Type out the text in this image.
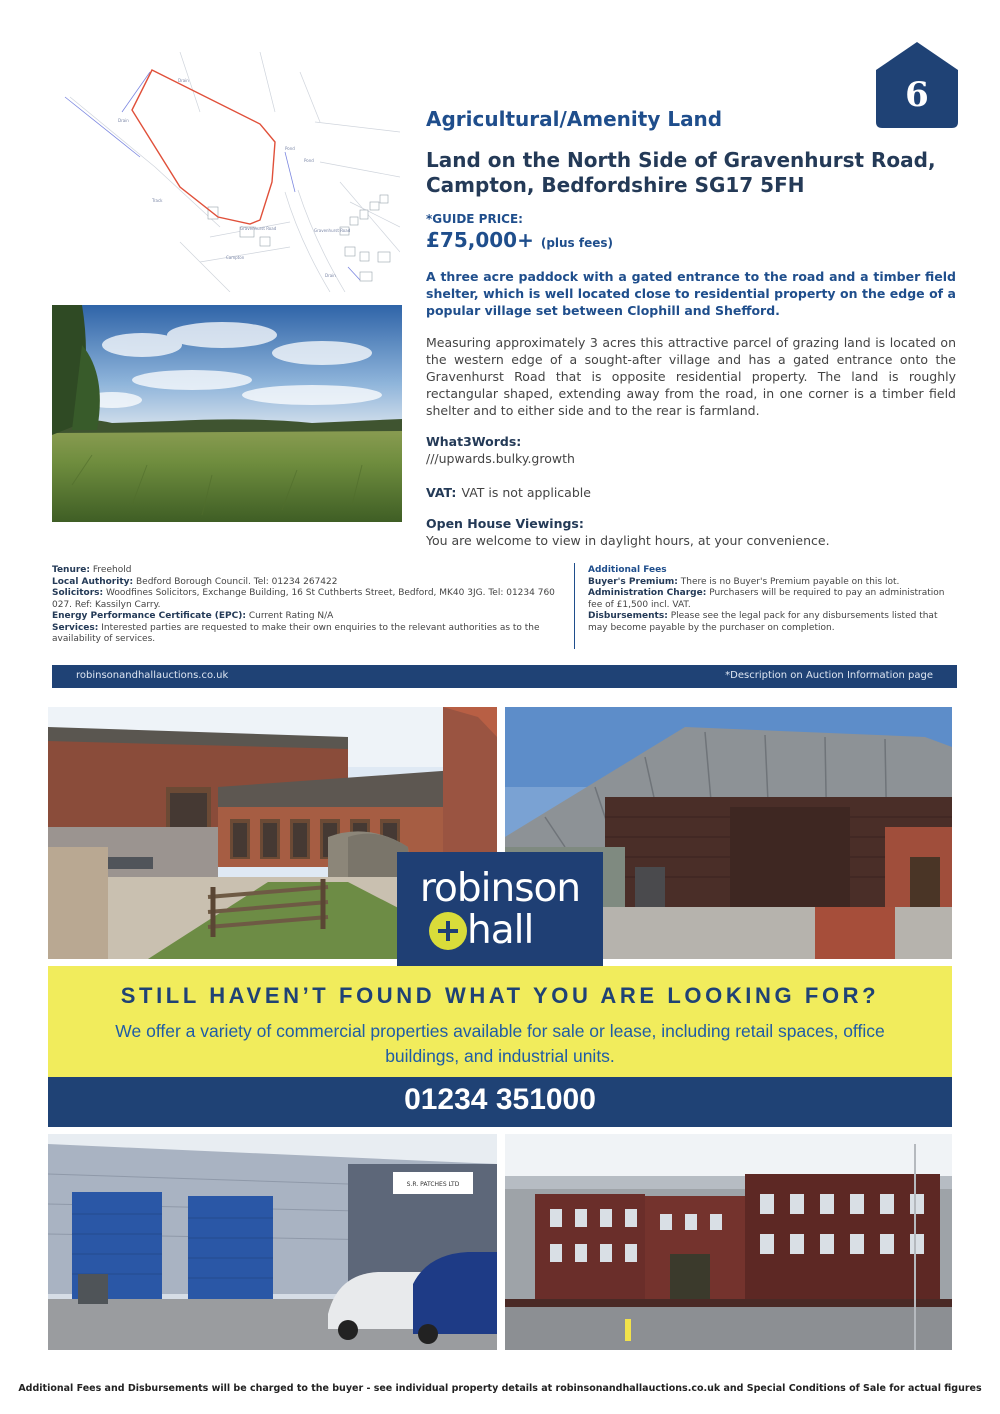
6
Drain
Drain
Pond
Pond
Track
Campton
Gravenhurst Road	Gravenhurst Road
Drain
Agricultural/Amenity Land
Land on the North Side of Gravenhurst Road,
Campton, Bedfordshire SG17 5FH
*GUIDE PRICE:
£75,000+ (plus fees)
A three acre paddock with a gated entrance to the road and a timber field shelter, which is well located close to residential property on the edge of a popular village set between Clophill and Shefford.
Measuring approximately 3 acres this attractive parcel of grazing land is located on the western edge of a sought-after village and has a gated entrance onto the Gravenhurst Road that is opposite residential property. The land is roughly rectangular shaped, extending away from the road, in one corner is a timber field shelter and to either side and to the rear is farmland.
What3Words:
///upwards.bulky.growth
VAT: VAT is not applicable
Open House Viewings:
You are welcome to view in daylight hours, at your convenience.
Tenure: Freehold
Local Authority: Bedford Borough Council. Tel: 01234 267422
Solicitors: Woodfines Solicitors, Exchange Building, 16 St Cuthberts Street, Bedford, MK40 3JG. Tel: 01234 760 027. Ref: Kassilyn Carry.
Energy Performance Certificate (EPC): Current Rating N/A
Services: Interested parties are requested to make their own enquiries to the relevant authorities as to the availability of services.
Additional Fees
Buyer's Premium: There is no Buyer's Premium payable on this lot.
Administration Charge: Purchasers will be required to pay an administration fee of £1,500 incl. VAT.
Disbursements: Please see the legal pack for any disbursements listed that may become payable by the purchaser on completion.
robinsonandhallauctions.co.uk	*Description on Auction Information page
robinson
hall
STILL HAVEN’T FOUND WHAT YOU ARE LOOKING FOR?
We offer a variety of commercial properties available for sale or lease, including retail spaces, office buildings, and industrial units.
01234 351000
S.R. PATCHES LTD
Additional Fees and Disbursements will be charged to the buyer - see individual property details at robinsonandhallauctions.co.uk and Special Conditions of Sale for actual figures
